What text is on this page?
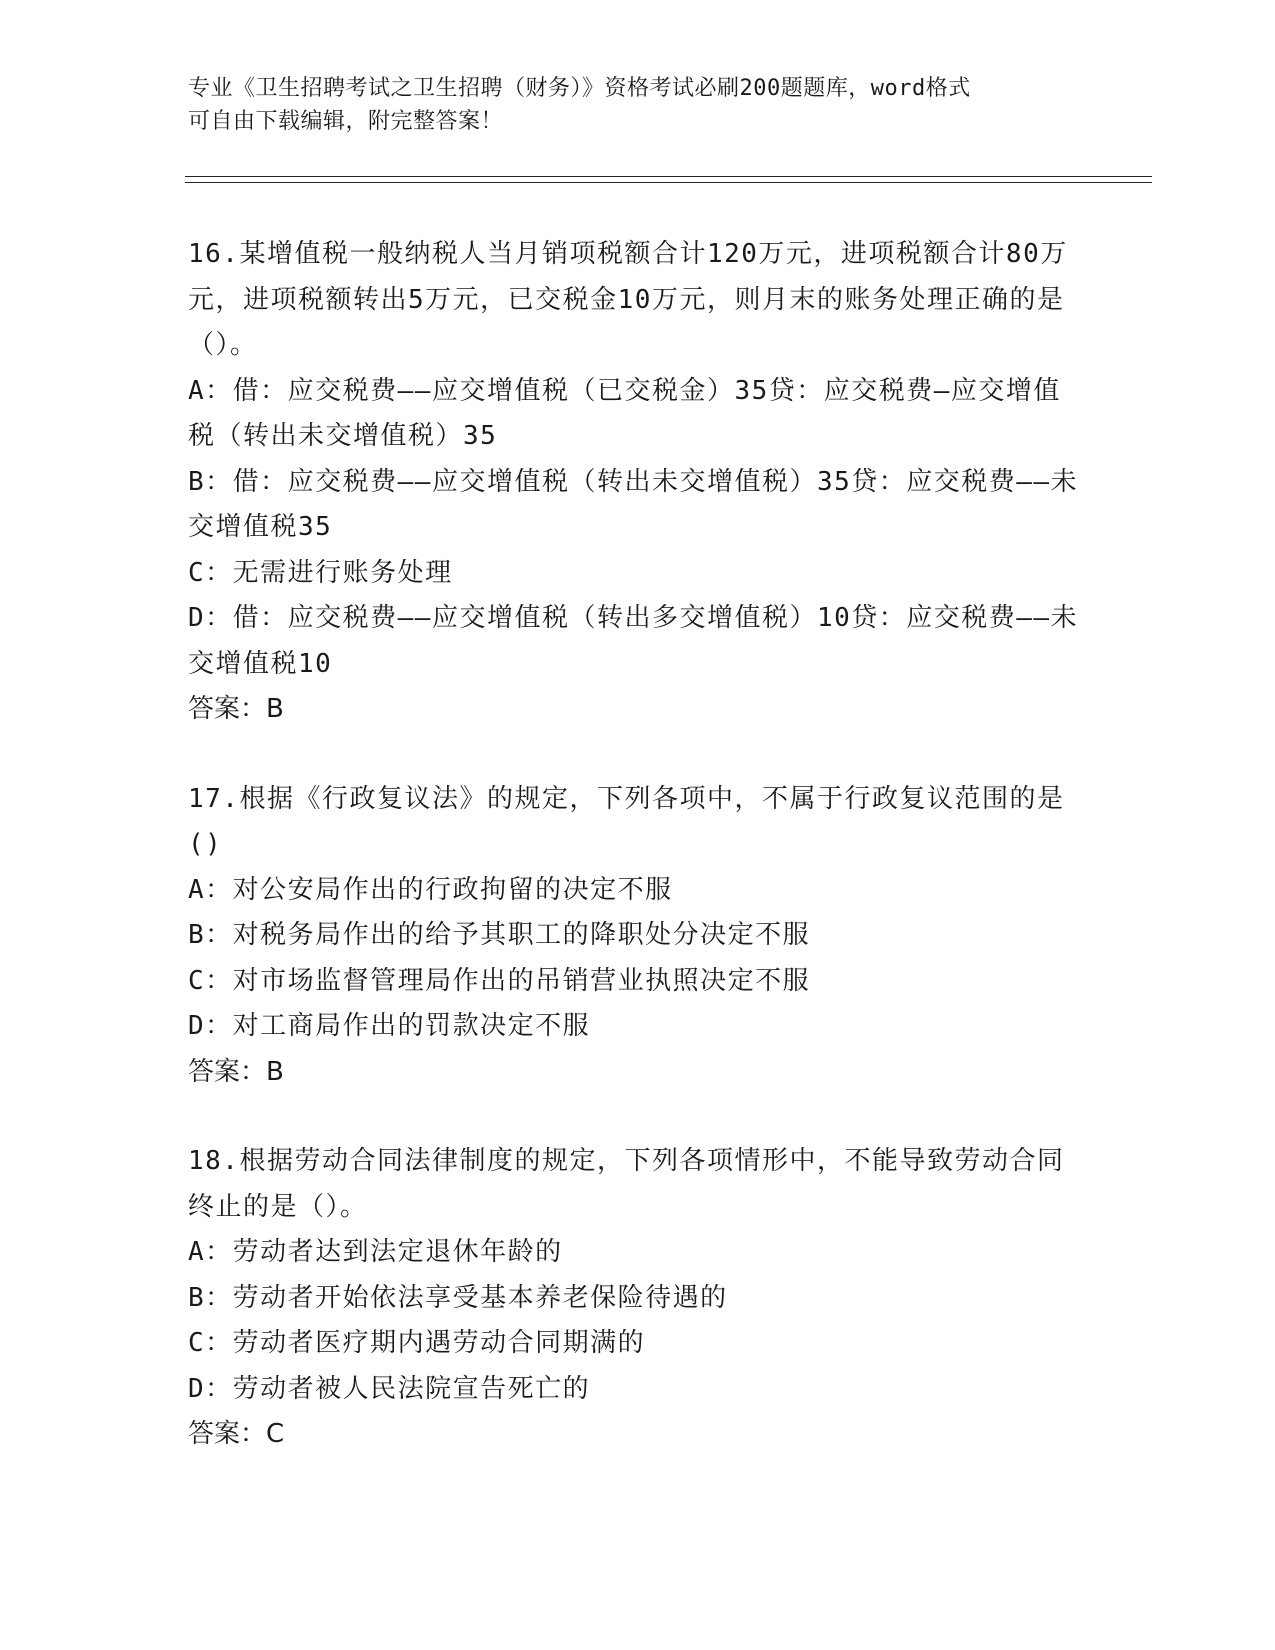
专业《卫生招聘考试之卫生招聘（财务）》资格考试必刷200题题库，word格式
可自由下载编辑，附完整答案！

16.某增值税一般纳税人当月销项税额合计120万元，进项税额合计80万元，进项税额转出5万元，已交税金10万元，则月末的账务处理正确的是（）。

A：借：应交税费——应交增值税（已交税金）35贷：应交税费—应交增值税（转出未交增值税）35

B：借：应交税费——应交增值税（转出未交增值税）35贷：应交税费——未交增值税35

C：无需进行账务处理

D：借：应交税费——应交增值税（转出多交增值税）10贷：应交税费——未交增值税10

答案：B

17.根据《行政复议法》的规定，下列各项中，不属于行政复议范围的是()

A：对公安局作出的行政拘留的决定不服

B：对税务局作出的给予其职工的降职处分决定不服

C：对市场监督管理局作出的吊销营业执照决定不服

D：对工商局作出的罚款决定不服

答案：B

18.根据劳动合同法律制度的规定，下列各项情形中，不能导致劳动合同终止的是（）。

A：劳动者达到法定退休年龄的

B：劳动者开始依法享受基本养老保险待遇的

C：劳动者医疗期内遇劳动合同期满的

D：劳动者被人民法院宣告死亡的

答案：C
